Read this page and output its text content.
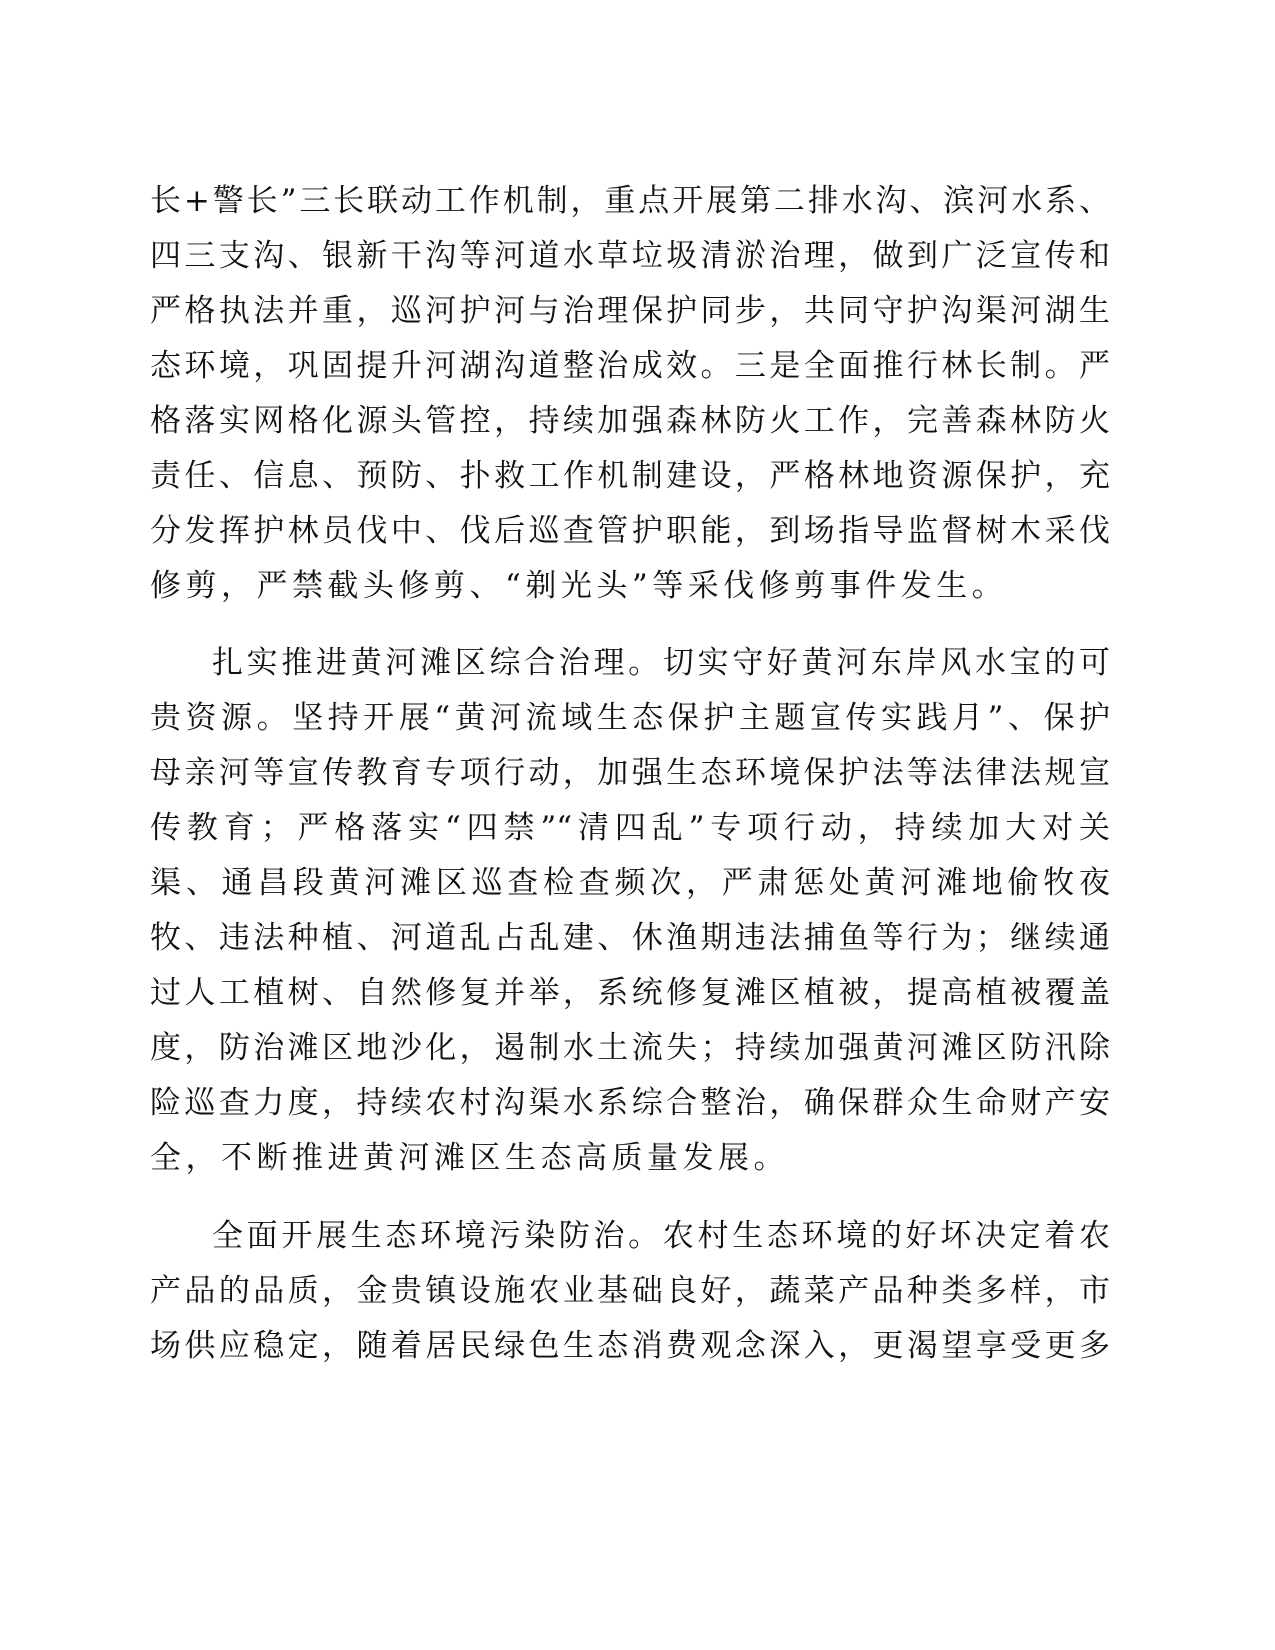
长+警长”三长联动工作机制，重点开展第二排水沟、滨河水系、
四三支沟、银新干沟等河道水草垃圾清淤治理，做到广泛宣传和
严格执法并重，巡河护河与治理保护同步，共同守护沟渠河湖生
态环境，巩固提升河湖沟道整治成效。三是全面推行林长制。严
格落实网格化源头管控，持续加强森林防火工作，完善森林防火
责任、信息、预防、扑救工作机制建设，严格林地资源保护，充
分发挥护林员伐中、伐后巡查管护职能，到场指导监督树木采伐
修剪，严禁截头修剪、“剃光头”等采伐修剪事件发生。
扎实推进黄河滩区综合治理。切实守好黄河东岸风水宝的可
贵资源。坚持开展“黄河流域生态保护主题宣传实践月”、保护
母亲河等宣传教育专项行动，加强生态环境保护法等法律法规宣
传教育；严格落实“四禁”“清四乱”专项行动，持续加大对关
渠、通昌段黄河滩区巡查检查频次，严肃惩处黄河滩地偷牧夜
牧、违法种植、河道乱占乱建、休渔期违法捕鱼等行为；继续通
过人工植树、自然修复并举，系统修复滩区植被，提高植被覆盖
度，防治滩区地沙化，遏制水土流失；持续加强黄河滩区防汛除
险巡查力度，持续农村沟渠水系综合整治，确保群众生命财产安
全，不断推进黄河滩区生态高质量发展。
全面开展生态环境污染防治。农村生态环境的好坏决定着农
产品的品质，金贵镇设施农业基础良好，蔬菜产品种类多样，市
场供应稳定，随着居民绿色生态消费观念深入，更渴望享受更多
